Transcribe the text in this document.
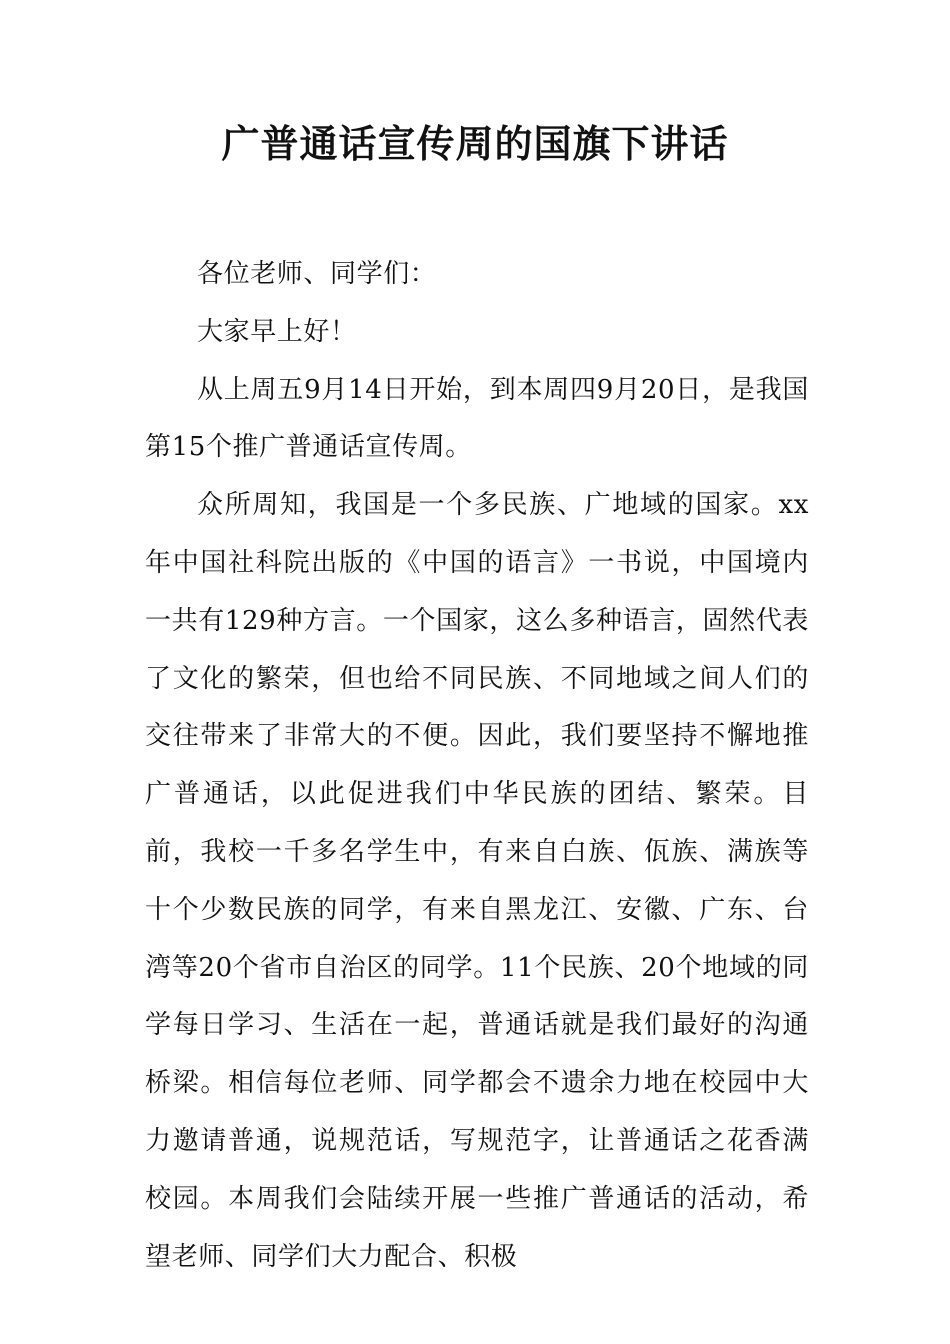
广普通话宣传周的国旗下讲话

各位老师、同学们：

大家早上好！

从上周五9月14日开始，到本周四9月20日，是我国第15个推广普通话宣传周。

众所周知，我国是一个多民族、广地域的国家。xx年中国社科院出版的《中国的语言》一书说，中国境内一共有129种方言。一个国家，这么多种语言，固然代表了文化的繁荣，但也给不同民族、不同地域之间人们的交往带来了非常大的不便。因此，我们要坚持不懈地推广普通话，以此促进我们中华民族的团结、繁荣。目前，我校一千多名学生中，有来自白族、佤族、满族等十个少数民族的同学，有来自黑龙江、安徽、广东、台湾等20个省市自治区的同学。11个民族、20个地域的同学每日学习、生活在一起，普通话就是我们最好的沟通桥梁。相信每位老师、同学都会不遗余力地在校园中大力邀请普通，说规范话，写规范字，让普通话之花香满校园。本周我们会陆续开展一些推广普通话的活动，希望老师、同学们大力配合、积极
